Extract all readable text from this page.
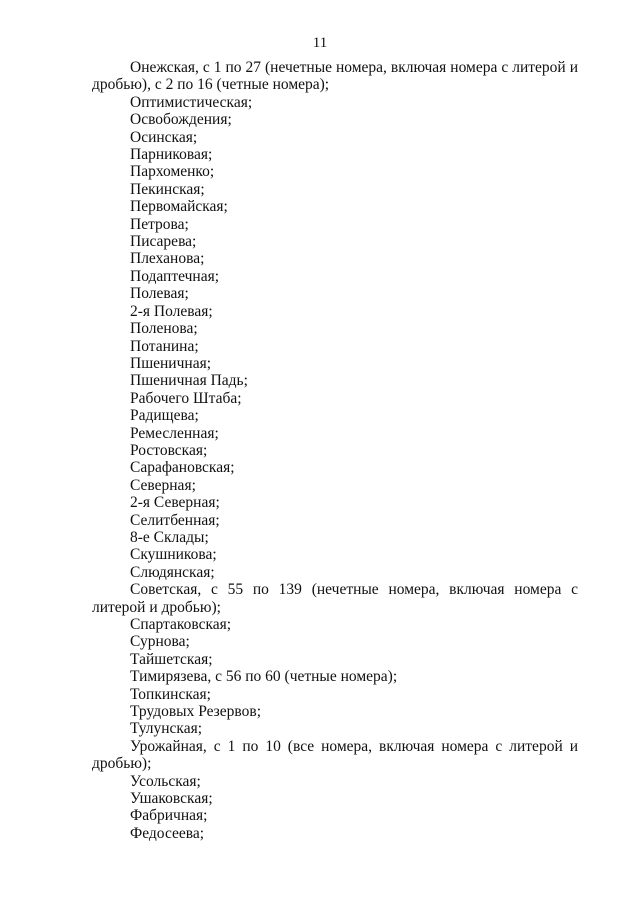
11

Онежская, с 1 по 27 (нечетные номера, включая номера с литерой и дробью), с 2 по 16 (четные номера);

Оптимистическая;

Освобождения;

Осинская;

Парниковая;

Пархоменко;

Пекинская;

Первомайская;

Петрова;

Писарева;

Плеханова;

Подаптечная;

Полевая;

2-я Полевая;

Поленова;

Потанина;

Пшеничная;

Пшеничная Падь;

Рабочего Штаба;

Радищева;

Ремесленная;

Ростовская;

Сарафановская;

Северная;

2-я Северная;

Селитбенная;

8-е Склады;

Скушникова;

Слюдянская;

Советская, с 55 по 139 (нечетные номера, включая номера с литерой и дробью);

Спартаковская;

Сурнова;

Тайшетская;

Тимирязева, с 56 по 60 (четные номера);

Топкинская;

Трудовых Резервов;

Тулунская;

Урожайная, с 1 по 10 (все номера, включая номера с литерой и дробью);

Усольская;

Ушаковская;

Фабричная;

Федосеева;
